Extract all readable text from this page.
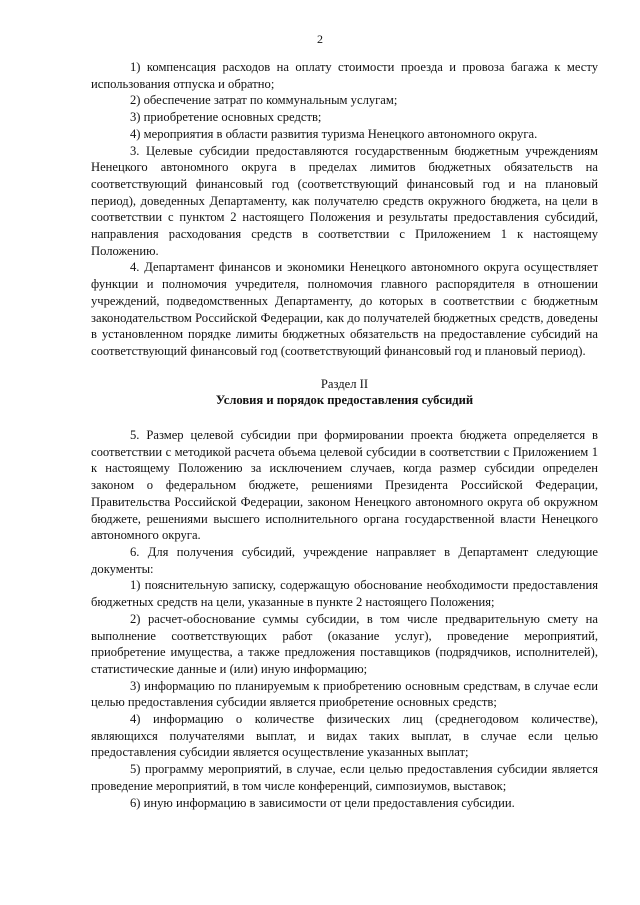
2

1) компенсация расходов на оплату стоимости проезда и провоза багажа к месту использования отпуска и обратно;

2) обеспечение затрат по коммунальным услугам;

3) приобретение основных средств;

4) мероприятия в области развития туризма Ненецкого автономного округа.

3. Целевые субсидии предоставляются государственным бюджетным учреждениям Ненецкого автономного округа в пределах лимитов бюджетных обязательств на соответствующий финансовый год (соответствующий финансовый год и на плановый период), доведенных Департаменту, как получателю средств окружного бюджета, на цели в соответствии с пунктом 2 настоящего Положения и результаты предоставления субсидий, направления расходования средств в соответствии с Приложением 1 к настоящему Положению.

4. Департамент финансов и экономики Ненецкого автономного округа осуществляет функции и полномочия учредителя, полномочия главного распорядителя в отношении учреждений, подведомственных Департаменту, до которых в соответствии с бюджетным законодательством Российской Федерации, как до получателей бюджетных средств, доведены в установленном порядке лимиты бюджетных обязательств на предоставление субсидий на соответствующий финансовый год (соответствующий финансовый год и плановый период).

Раздел II

Условия и порядок предоставления субсидий

5. Размер целевой субсидии при формировании проекта бюджета определяется в соответствии с методикой расчета объема целевой субсидии в соответствии с Приложением 1 к настоящему Положению за исключением случаев, когда размер субсидии определен законом о федеральном бюджете, решениями Президента Российской Федерации, Правительства Российской Федерации, законом Ненецкого автономного округа об окружном бюджете, решениями высшего исполнительного органа государственной власти Ненецкого автономного округа.

6. Для получения субсидий, учреждение направляет в Департамент следующие документы:

1) пояснительную записку, содержащую обоснование необходимости предоставления бюджетных средств на цели, указанные в пункте 2 настоящего Положения;

2) расчет-обоснование суммы субсидии, в том числе предварительную смету на выполнение соответствующих работ (оказание услуг), проведение мероприятий, приобретение имущества, а также предложения поставщиков (подрядчиков, исполнителей), статистические данные и (или) иную информацию;

3) информацию по планируемым к приобретению основным средствам, в случае если целью предоставления субсидии является приобретение основных средств;

4) информацию о количестве физических лиц (среднегодовом количестве), являющихся получателями выплат, и видах таких выплат, в случае если целью предоставления субсидии является осуществление указанных выплат;

5) программу мероприятий, в случае, если целью предоставления субсидии является проведение мероприятий, в том числе конференций, симпозиумов, выставок;

6) иную информацию в зависимости от цели предоставления субсидии.
